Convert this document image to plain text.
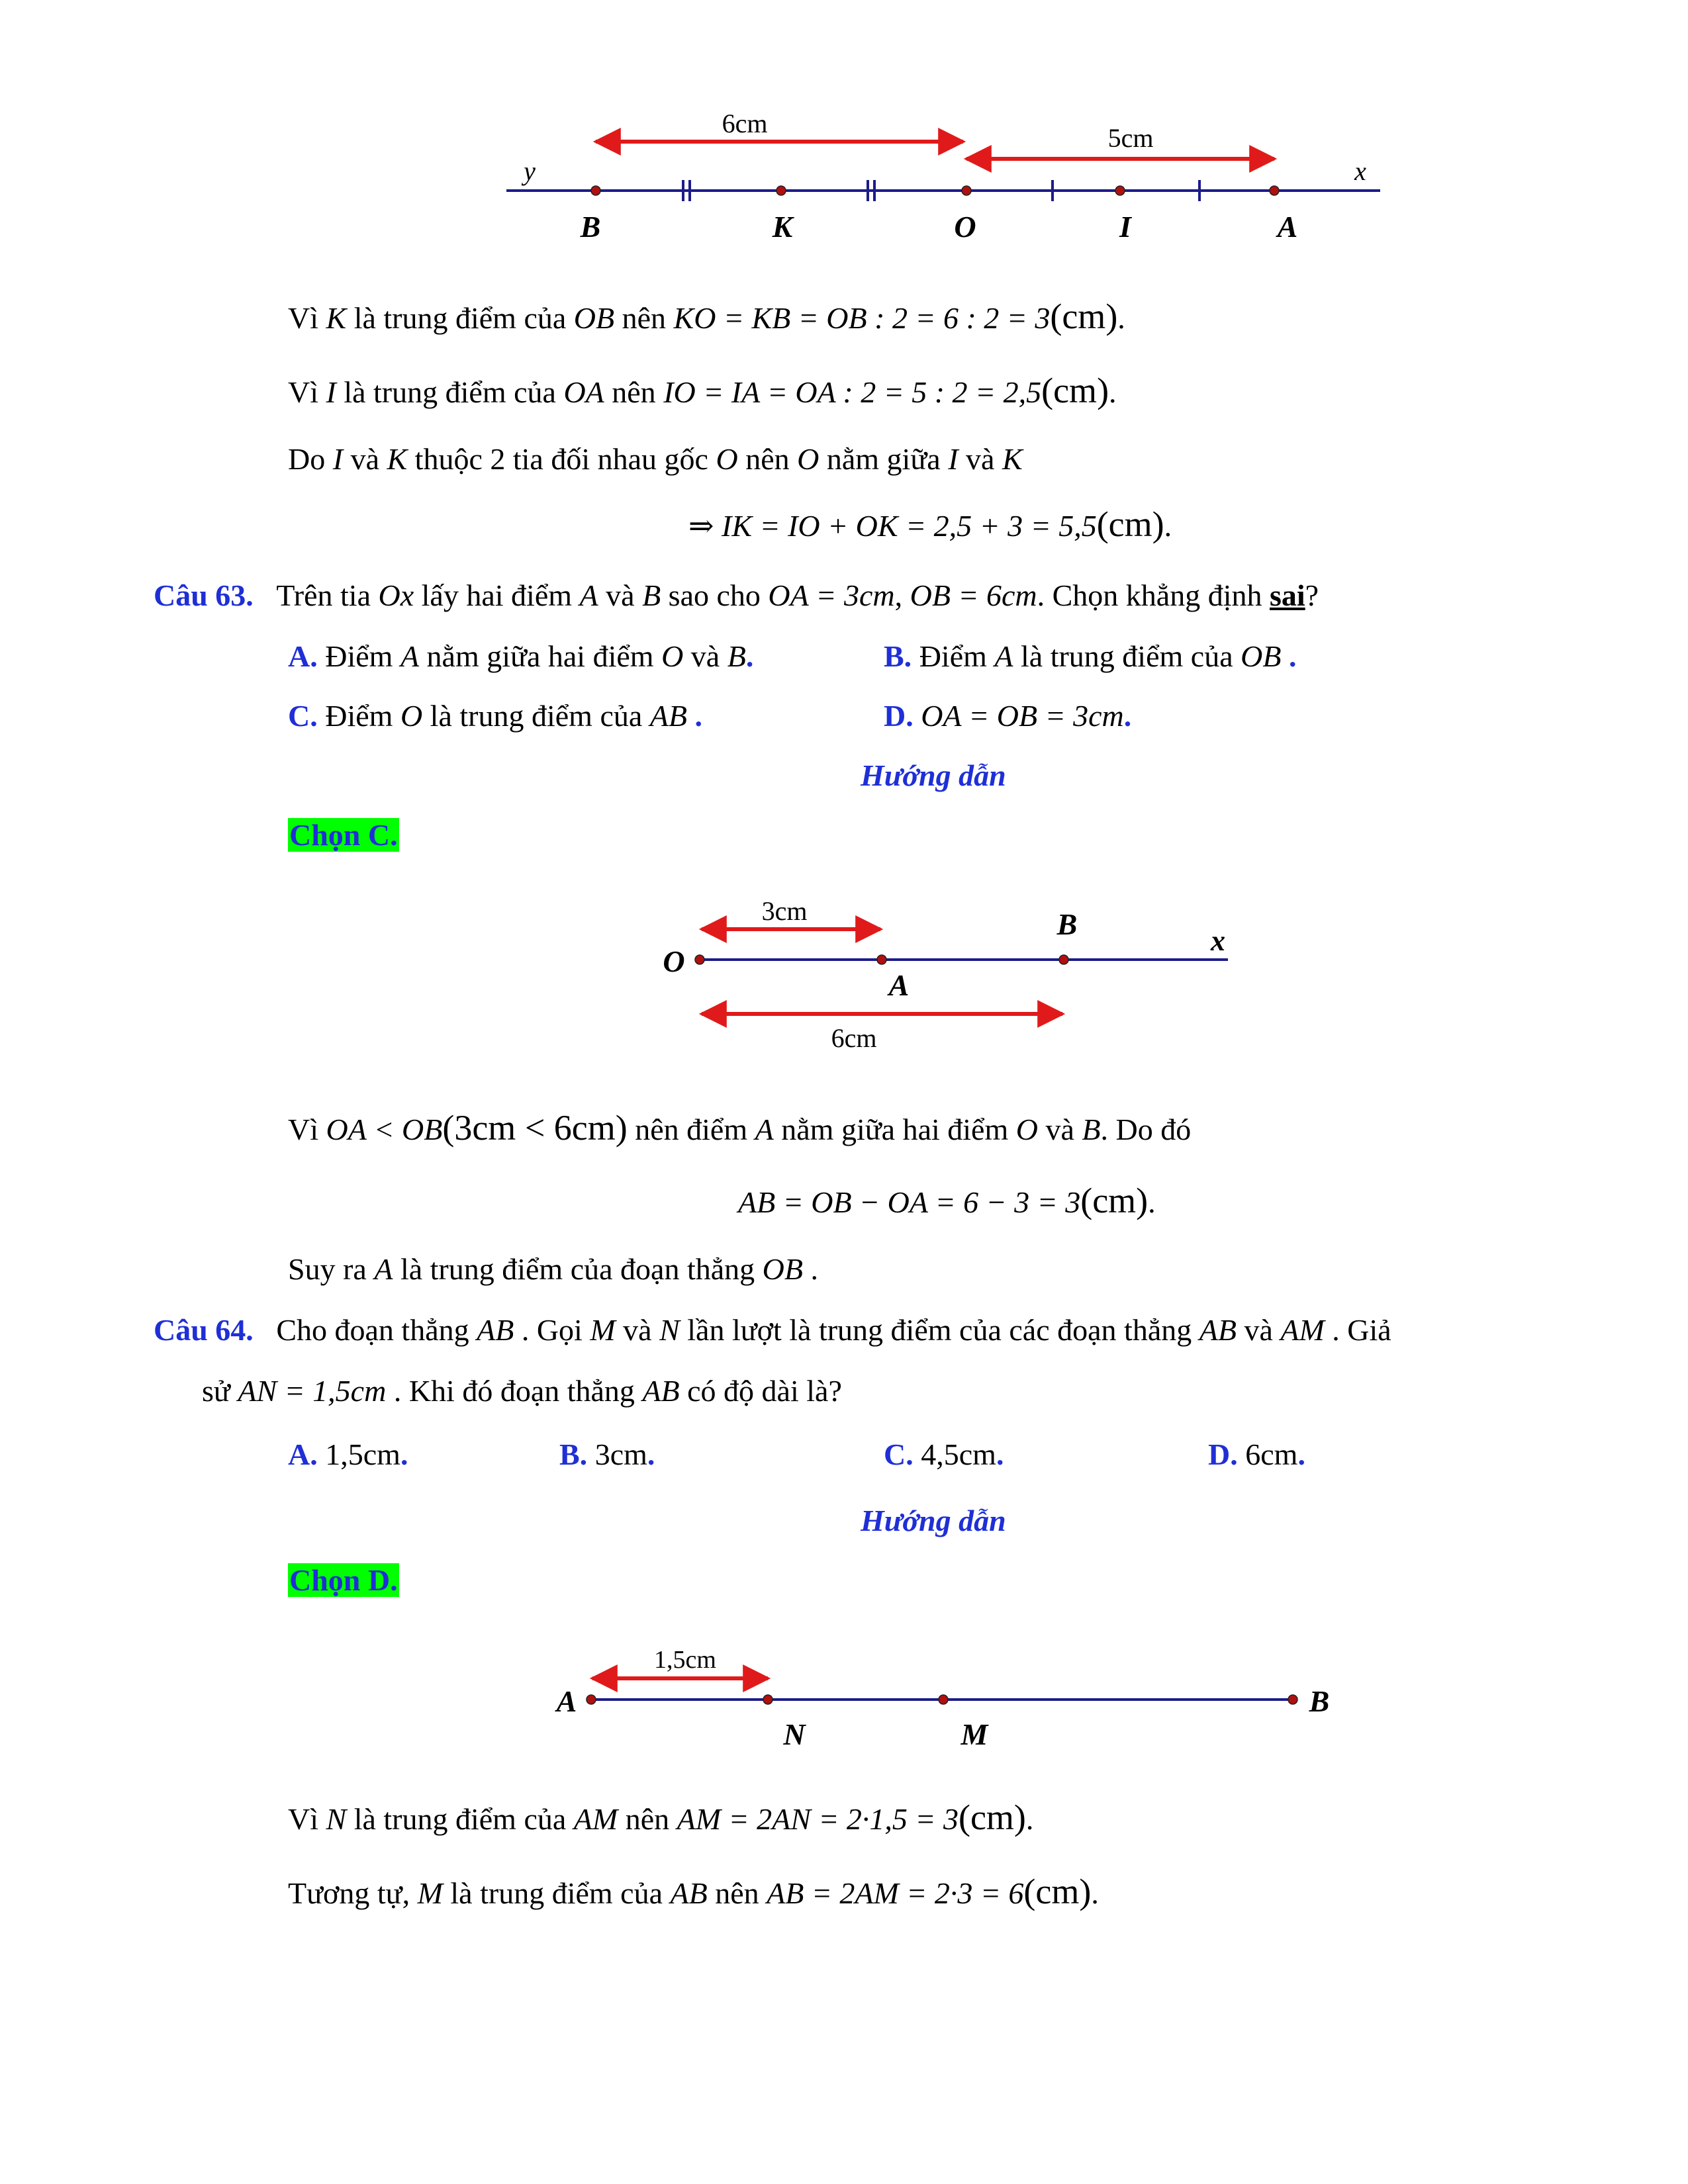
6cm	5cm
y	x
B	K	O	I	A
Vì K là trung điểm của OB nên KO = KB = OB : 2 = 6 : 2 = 3(cm).
Vì I là trung điểm của OA nên IO = IA = OA : 2 = 5 : 2 = 2,5(cm).
Do I và K thuộc 2 tia đối nhau gốc O nên O nằm giữa I và K
⇒ IK = IO + OK = 2,5 + 3 = 5,5(cm).
Câu 63. Trên tia Ox lấy hai điểm A và B sao cho OA = 3cm, OB = 6cm. Chọn khẳng định sai?
A. Điểm A nằm giữa hai điểm O và B.	B. Điểm A là trung điểm của OB .
C. Điểm O là trung điểm của AB .	D. OA = OB = 3cm.
Hướng dẫn
Chọn C.
3cm
6cm
O
A
B	x
Vì OA < OB(3cm < 6cm) nên điểm A nằm giữa hai điểm O và B. Do đó
AB = OB − OA = 6 − 3 = 3(cm).
Suy ra A là trung điểm của đoạn thẳng OB .
Câu 64. Cho đoạn thẳng AB . Gọi M và N lần lượt là trung điểm của các đoạn thẳng AB và AM . Giả
sử AN = 1,5cm . Khi đó đoạn thẳng AB có độ dài là?
A. 1,5cm.	B. 3cm.	C. 4,5cm.	D. 6cm.
Hướng dẫn
Chọn D.
1,5cm
A	B
N	M
Vì N là trung điểm của AM nên AM = 2AN = 2·1,5 = 3(cm).
Tương tự, M là trung điểm của AB nên AB = 2AM = 2·3 = 6(cm).
